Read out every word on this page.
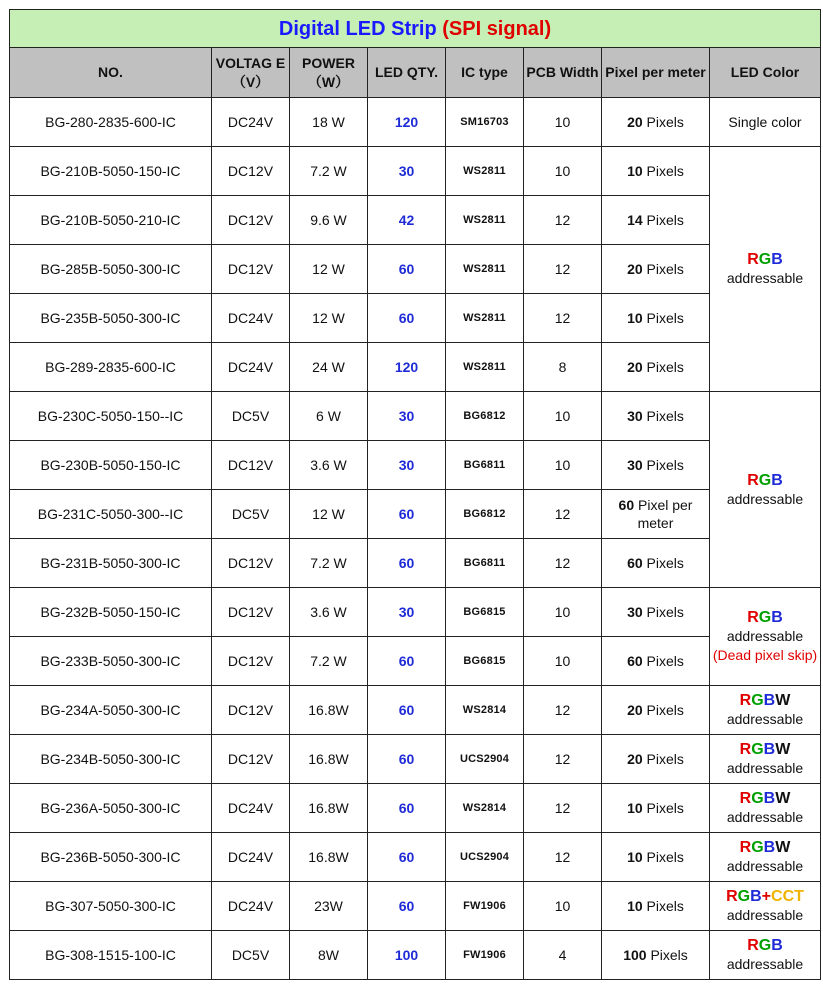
Digital LED Strip (SPI signal)							
NO.	VOLTAG E（V）	POWER （W）	LED QTY.	IC type	PCB Width	Pixel per meter	LED Color
BG-280-2835-600-IC	DC24V	18 W	120	SM16703	10	20 Pixels	Single color
BG-210B-5050-150-IC	DC12V	7.2 W	30	WS2811	10	10 Pixels	RGB
addressable

BG-210B-5050-210-IC	DC12V	9.6 W	42	WS2811	12	14 Pixels	
BG-285B-5050-300-IC	DC12V	12 W	60	WS2811	12	20 Pixels	
BG-235B-5050-300-IC	DC24V	12 W	60	WS2811	12	10 Pixels	
BG-289-2835-600-IC	DC24V	24 W	120	WS2811	8	20 Pixels	
BG-230C-5050-150--IC	DC5V	6 W	30	BG6812	10	30 Pixels	RGB
addressable

BG-230B-5050-150-IC	DC12V	3.6 W	30	BG6811	10	30 Pixels	
BG-231C-5050-300--IC	DC5V	12 W	60	BG6812	12	60 Pixel per meter	
BG-231B-5050-300-IC	DC12V	7.2 W	60	BG6811	12	60 Pixels	
BG-232B-5050-150-IC	DC12V	3.6 W	30	BG6815	10	30 Pixels	RGB
addressable
(Dead pixel skip)

BG-233B-5050-300-IC	DC12V	7.2 W	60	BG6815	10	60 Pixels	
BG-234A-5050-300-IC	DC12V	16.8W	60	WS2814	12	20 Pixels	RGBW
addressable

BG-234B-5050-300-IC	DC12V	16.8W	60	UCS2904	12	20 Pixels	RGBW
addressable

BG-236A-5050-300-IC	DC24V	16.8W	60	WS2814	12	10 Pixels	RGBW
addressable

BG-236B-5050-300-IC	DC24V	16.8W	60	UCS2904	12	10 Pixels	RGBW
addressable

BG-307-5050-300-IC	DC24V	23W	60	FW1906	10	10 Pixels	RGB+CCT
addressable

BG-308-1515-100-IC	DC5V	8W	100	FW1906	4	100 Pixels	RGB
addressable
